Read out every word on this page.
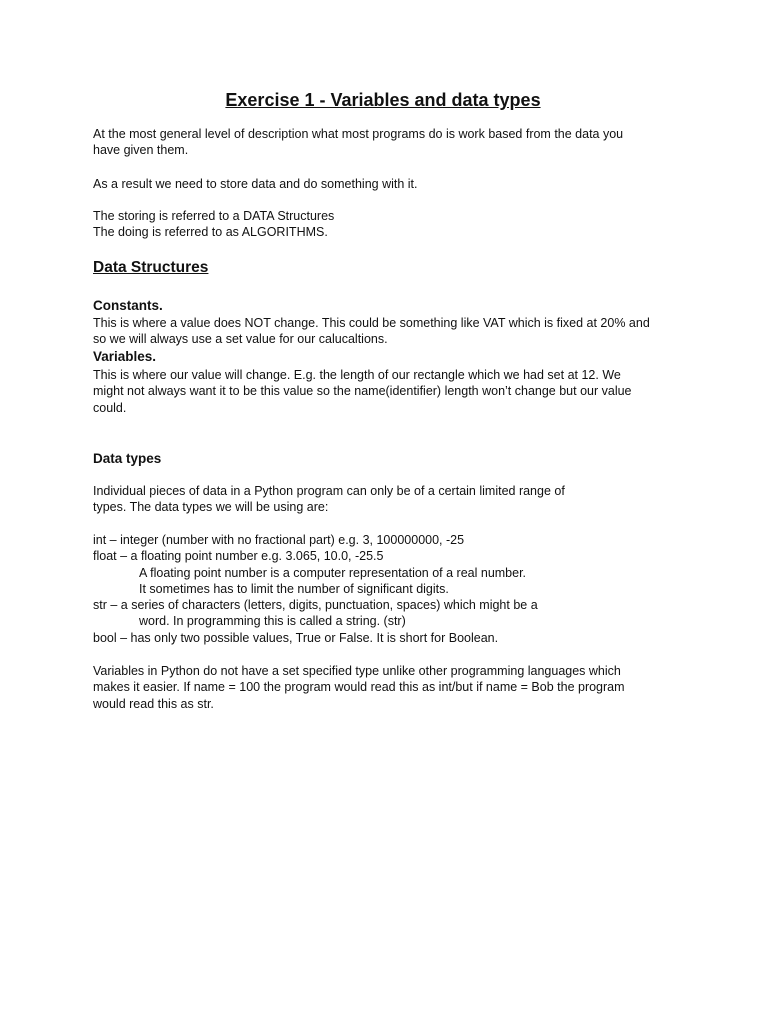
Exercise 1 - Variables and data types

At the most general level of description what most programs do is work based from the data you
have given them.

As a result we need to store data and do something with it.

The storing is referred to a DATA Structures
The doing is referred to as ALGORITHMS.

Data Structures
Constants.

This is where a value does NOT change. This could be something like VAT which is fixed at 20% and
so we will always use a set value for our calucaltions.

Variables.

This is where our value will change. E.g. the length of our rectangle which we had set at 12. We
might not always want it to be this value so the name(identifier) length won’t change but our value
could.

Data types

Individual pieces of data in a Python program can only be of a certain limited range of
types. The data types we will be using are:

int – integer (number with no fractional part) e.g. 3, 100000000, -25
float – a floating point number e.g. 3.065, 10.0, -25.5
A floating point number is a computer representation of a real number.
It sometimes has to limit the number of significant digits.
str – a series of characters (letters, digits, punctuation, spaces) which might be a
word. In programming this is called a string. (str)
bool – has only two possible values, True or False. It is short for Boolean.

Variables in Python do not have a set specified type unlike other programming languages which
makes it easier. If name = 100 the program would read this as int/but if name = Bob the program
would read this as str.
